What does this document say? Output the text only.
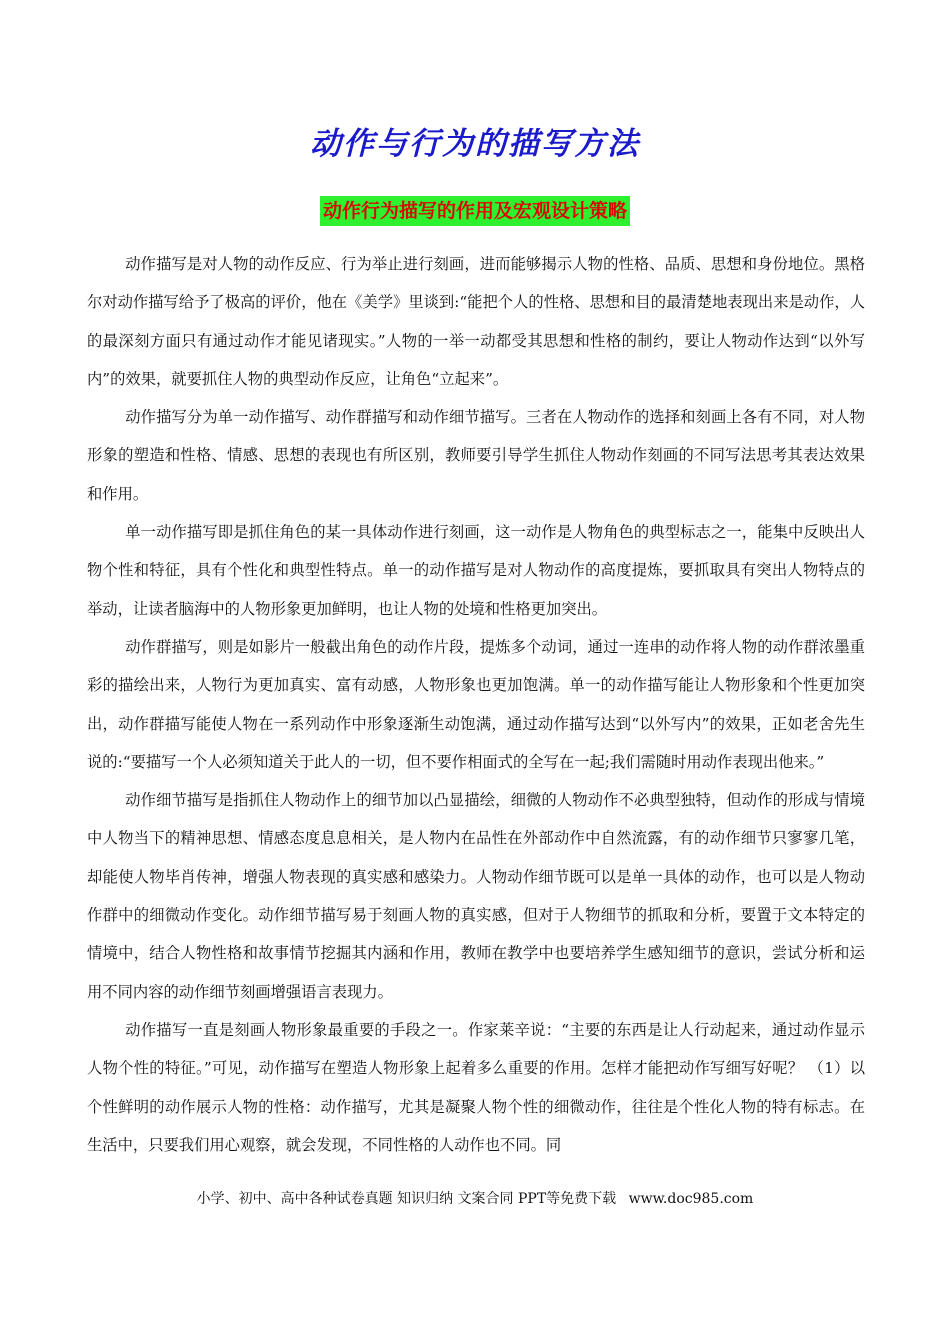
动作与行为的描写方法
动作行为描写的作用及宏观设计策略

动作描写是对人物的动作反应、行为举止进行刻画，进而能够揭示人物的性格、品质、思想和身份地位。黑格尔对动作描写给予了极高的评价，他在《美学》里谈到:“能把个人的性格、思想和目的最清楚地表现出来是动作，人的最深刻方面只有通过动作才能见诸现实。”人物的一举一动都受其思想和性格的制约，要让人物动作达到“以外写内”的效果，就要抓住人物的典型动作反应，让角色“立起来”。

动作描写分为单一动作描写、动作群描写和动作细节描写。三者在人物动作的选择和刻画上各有不同，对人物形象的塑造和性格、情感、思想的表现也有所区别，教师要引导学生抓住人物动作刻画的不同写法思考其表达效果和作用。

单一动作描写即是抓住角色的某一具体动作进行刻画，这一动作是人物角色的典型标志之一，能集中反映出人物个性和特征，具有个性化和典型性特点。单一的动作描写是对人物动作的高度提炼，要抓取具有突出人物特点的举动，让读者脑海中的人物形象更加鲜明，也让人物的处境和性格更加突出。

动作群描写，则是如影片一般截出角色的动作片段，提炼多个动词，通过一连串的动作将人物的动作群浓墨重彩的描绘出来，人物行为更加真实、富有动感，人物形象也更加饱满。单一的动作描写能让人物形象和个性更加突出，动作群描写能使人物在一系列动作中形象逐渐生动饱满，通过动作描写达到“以外写内”的效果，正如老舍先生说的:“要描写一个人必须知道关于此人的一切，但不要作相面式的全写在一起;我们需随时用动作表现出他来。”

动作细节描写是指抓住人物动作上的细节加以凸显描绘，细微的人物动作不必典型独特，但动作的形成与情境中人物当下的精神思想、情感态度息息相关，是人物内在品性在外部动作中自然流露，有的动作细节只寥寥几笔，却能使人物毕肖传神，增强人物表现的真实感和感染力。人物动作细节既可以是单一具体的动作，也可以是人物动作群中的细微动作变化。动作细节描写易于刻画人物的真实感，但对于人物细节的抓取和分析，要置于文本特定的情境中，结合人物性格和故事情节挖掘其内涵和作用，教师在教学中也要培养学生感知细节的意识，尝试分析和运用不同内容的动作细节刻画增强语言表现力。

动作描写一直是刻画人物形象最重要的手段之一。作家莱辛说：“主要的东西是让人行动起来，通过动作显示人物个性的特征。”可见，动作描写在塑造人物形象上起着多么重要的作用。怎样才能把动作写细写好呢？ （1）以个性鲜明的动作展示人物的性格：动作描写，尤其是凝聚人物个性的细微动作，往往是个性化人物的特有标志。在生活中，只要我们用心观察，就会发现，不同性格的人动作也不同。同

小学、初中、高中各种试卷真题 知识归纳 文案合同 PPT等免费下载 www.doc985.com
